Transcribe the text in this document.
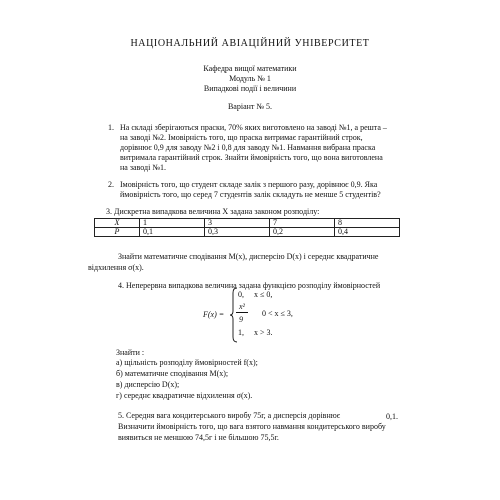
НАЦІОНАЛЬНИЙ АВІАЦІЙНИЙ УНІВЕРСИТЕТ
Кафедра вищої математики
Модуль № 1
Випадкові події і величини
Варіант № 5.
1. На складі зберігаються праски, 70% яких виготовлено на заводі №1, а решта –
на заводі №2. Імовірність того, що праска витримає гарантійний строк,
дорівнює 0,9 для заводу №2 і 0,8 для заводу №1. Навмання вибрана праска
витримала гарантійний строк. Знайти ймовірність того, що вона виготовлена
на заводі №1.
2. Імовірність того, що студент складе залік з першого разу, дорівнює 0,9. Яка
ймовірність того, що серед 7 студентів залік складуть не менше 5 студентів?
3. Дискретна випадкова величина X задана законом розподілу:
X	1	3	7	8
P	0,1	0,3	0,2	0,4
Знайти математичне сподівання M(x), дисперсію D(x) і середнє квадратичне
відхилення σ(x).
4. Неперервна випадкова величина задана функцією розподілу ймовірностей
F(x) =
0,     x ≤ 0,
x²
9
0 < x ≤ 3,
1,     x > 3.
Знайти :
а) щільність розподілу ймовірностей f(x);
б) математичне сподівання M(x);
в) дисперсію D(x);
г) середнє квадратичне відхилення σ(x).
5. Середня вага кондитерського виробу 75г, а дисперсія дорівнює	0,1.
Визначити ймовірність того, що вага взятого навмання кондитерського виробу
виявиться не меншою 74,5г і не більшою 75,5г.
